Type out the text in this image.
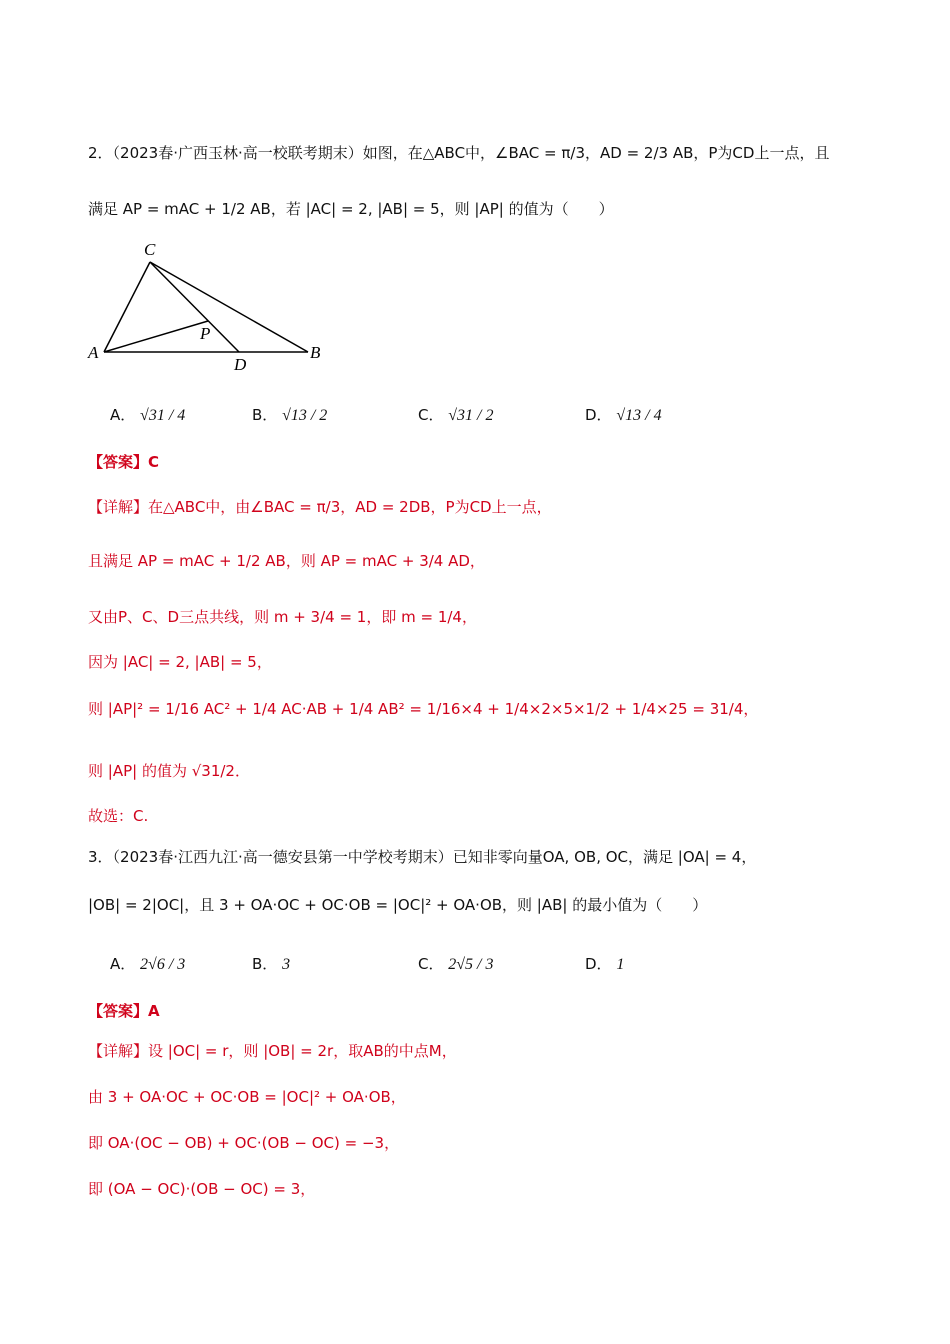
2．（2023春·广西玉林·高一校联考期末）如图，在△ABC中，∠BAC = π/3，AD = 2/3 AB，P为CD上一点，且
满足 AP = mAC + 1/2 AB，若 |AC| = 2, |AB| = 5，则 |AP| 的值为（　　）
A	B
C
D
P
A． √31 / 4	B． √13 / 2	C． √31 / 2	D． √13 / 4
【答案】C
【详解】在△ABC中，由∠BAC = π/3，AD = 2DB，P为CD上一点，
且满足 AP = mAC + 1/2 AB，则 AP = mAC + 3/4 AD，
又由P、C、D三点共线，则 m + 3/4 = 1，即 m = 1/4，
因为 |AC| = 2, |AB| = 5，
则 |AP|² = 1/16 AC² + 1/4 AC·AB + 1/4 AB² = 1/16×4 + 1/4×2×5×1/2 + 1/4×25 = 31/4，
则 |AP| 的值为 √31/2．
故选：C.
3．（2023春·江西九江·高一德安县第一中学校考期末）已知非零向量OA, OB, OC，满足 |OA| = 4，
|OB| = 2|OC|，且 3 + OA·OC + OC·OB = |OC|² + OA·OB，则 |AB| 的最小值为（　　）
A． 2√6 / 3	B． 3	C． 2√5 / 3	D． 1
【答案】A
【详解】设 |OC| = r，则 |OB| = 2r，取AB的中点M，
由 3 + OA·OC + OC·OB = |OC|² + OA·OB，
即 OA·(OC − OB) + OC·(OB − OC) = −3，
即 (OA − OC)·(OB − OC) = 3，
